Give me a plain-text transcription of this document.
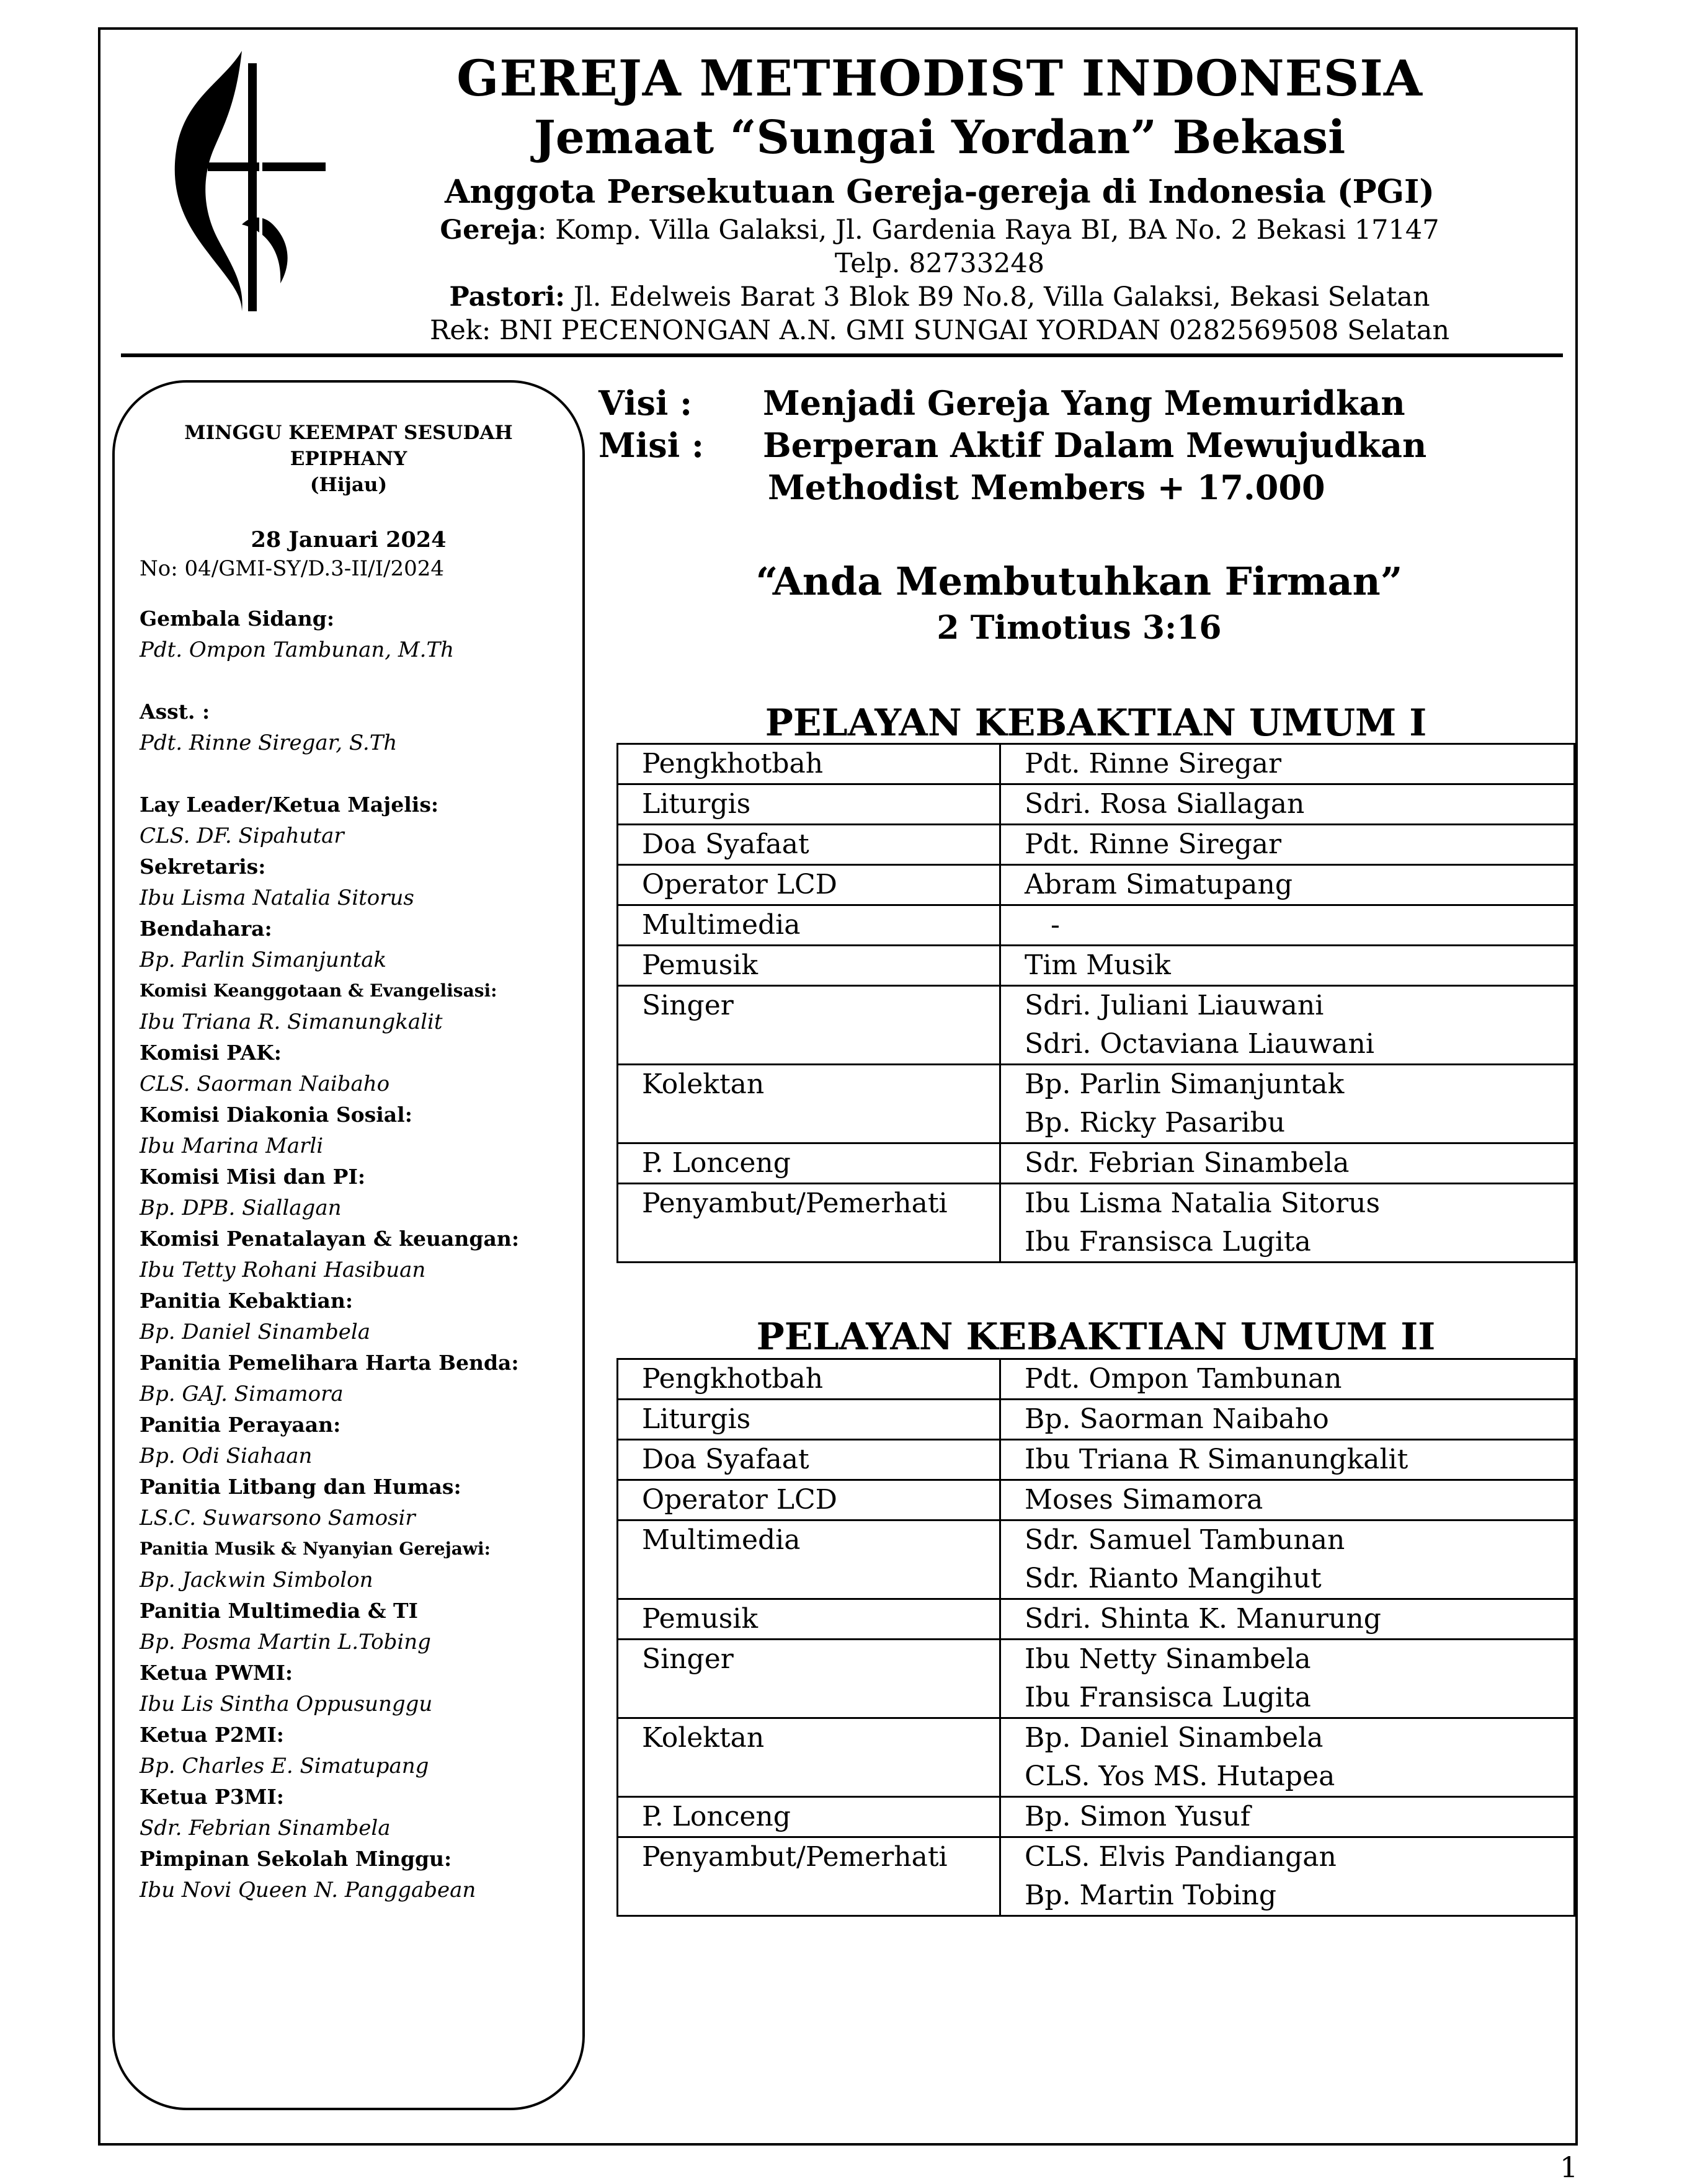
GEREJA METHODIST INDONESIA
Jemaat “Sungai Yordan” Bekasi
Anggota Persekutuan Gereja-gereja di Indonesia (PGI)
Gereja: Komp. Villa Galaksi, Jl. Gardenia Raya BI, BA No. 2 Bekasi 17147
Telp. 82733248
Pastori: Jl. Edelweis Barat 3 Blok B9 No.8, Villa Galaksi, Bekasi Selatan
Rek: BNI PECENONGAN A.N. GMI SUNGAI YORDAN 0282569508 Selatan
MINGGU KEEMPAT SESUDAH
EPIPHANY
(Hijau)
28 Januari 2024
No: 04/GMI-SY/D.3-II/I/2024
Gembala Sidang:
Pdt. Ompon Tambunan, M.Th
Asst. :
Pdt. Rinne Siregar, S.Th
Lay Leader/Ketua Majelis:
CLS. DF. Sipahutar
Sekretaris:
Ibu Lisma Natalia Sitorus
Bendahara:
Bp. Parlin Simanjuntak
Komisi Keanggotaan & Evangelisasi:
Ibu Triana R. Simanungkalit
Komisi PAK:
CLS. Saorman Naibaho
Komisi Diakonia Sosial:
Ibu Marina Marli
Komisi Misi dan PI:
Bp. DPB. Siallagan
Komisi Penatalayan & keuangan:
Ibu Tetty Rohani Hasibuan
Panitia Kebaktian:
Bp. Daniel Sinambela
Panitia Pemelihara Harta Benda:
Bp. GAJ. Simamora
Panitia Perayaan:
Bp. Odi Siahaan
Panitia Litbang dan Humas:
LS.C. Suwarsono Samosir
Panitia Musik & Nyanyian Gerejawi:
Bp. Jackwin Simbolon
Panitia Multimedia & TI
Bp. Posma Martin L.Tobing
Ketua PWMI:
Ibu Lis Sintha Oppusunggu
Ketua P2MI:
Bp. Charles E. Simatupang
Ketua P3MI:
Sdr. Febrian Sinambela
Pimpinan Sekolah Minggu:
Ibu Novi Queen N. Panggabean
Visi : Menjadi Gereja Yang Memuridkan
Misi : Berperan Aktif Dalam Mewujudkan
Methodist Members + 17.000
“Anda Membutuhkan Firman”
2 Timotius 3:16
PELAYAN KEBAKTIAN UMUM I
Pengkhotbah	Pdt. Rinne Siregar

Liturgis	Sdri. Rosa Siallagan

Doa Syafaat	Pdt. Rinne Siregar

Operator LCD	Abram Simatupang

Multimedia	-

Pemusik	Tim Musik

Singer	Sdri. Juliani Liauwani
Sdri. Octaviana Liauwani

Kolektan	Bp. Parlin Simanjuntak
Bp. Ricky Pasaribu

P. Lonceng	Sdr. Febrian Sinambela

Penyambut/Pemerhati	Ibu Lisma Natalia Sitorus
Ibu Fransisca Lugita
PELAYAN KEBAKTIAN UMUM II
Pengkhotbah	Pdt. Ompon Tambunan

Liturgis	Bp. Saorman Naibaho

Doa Syafaat	Ibu Triana R Simanungkalit

Operator LCD	Moses Simamora

Multimedia	Sdr. Samuel Tambunan
Sdr. Rianto Mangihut

Pemusik	Sdri. Shinta K. Manurung

Singer	Ibu Netty Sinambela
Ibu Fransisca Lugita

Kolektan	Bp. Daniel Sinambela
CLS. Yos MS. Hutapea

P. Lonceng	Bp. Simon Yusuf

Penyambut/Pemerhati	CLS. Elvis Pandiangan
Bp. Martin Tobing
1
